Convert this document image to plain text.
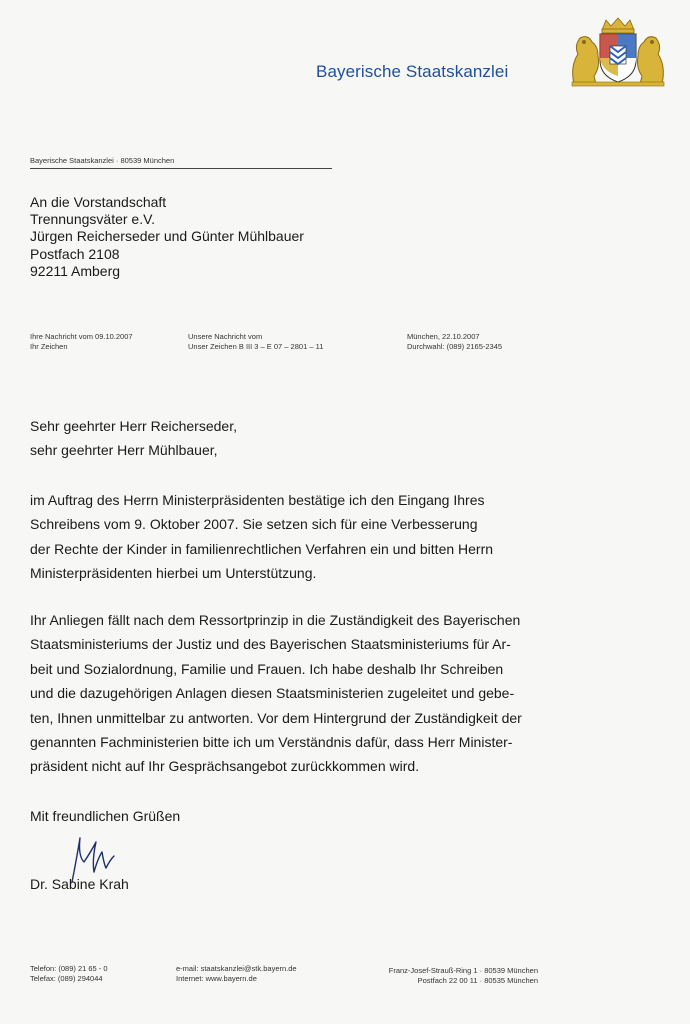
Bayerische Staatskanzlei
Bayerische Staatskanzlei · 80539 München
An die Vorstandschaft
Trennungsväter e.V.
Jürgen Reicherseder und Günter Mühlbauer
Postfach 2108
92211 Amberg
Ihre Nachricht vom 09.10.2007
Ihr Zeichen
Unsere Nachricht vom
Unser Zeichen B III 3 – E 07 – 2801 – 11
München, 22.10.2007
Durchwahl: (089) 2165-2345
Sehr geehrter Herr Reicherseder,
sehr geehrter Herr Mühlbauer,
im Auftrag des Herrn Ministerpräsidenten bestätige ich den Eingang Ihres
Schreibens vom 9. Oktober 2007. Sie setzen sich für eine Verbesserung
der Rechte der Kinder in familienrechtlichen Verfahren ein und bitten Herrn
Ministerpräsidenten hierbei um Unterstützung.
Ihr Anliegen fällt nach dem Ressortprinzip in die Zuständigkeit des Bayerischen
Staatsministeriums der Justiz und des Bayerischen Staatsministeriums für Ar-
beit und Sozialordnung, Familie und Frauen. Ich habe deshalb Ihr Schreiben
und die dazugehörigen Anlagen diesen Staatsministerien zugeleitet und gebe-
ten, Ihnen unmittelbar zu antworten. Vor dem Hintergrund der Zuständigkeit der
genannten Fachministerien bitte ich um Verständnis dafür, dass Herr Minister-
präsident nicht auf Ihr Gesprächsangebot zurückkommen wird.
Mit freundlichen Grüßen
Dr. Sabine Krah
Telefon: (089) 21 65 - 0
Telefax: (089) 294044
e-mail: staatskanzlei@stk.bayern.de
Internet: www.bayern.de
Franz-Josef-Strauß-Ring 1 · 80539 München
Postfach 22 00 11 · 80535 München
